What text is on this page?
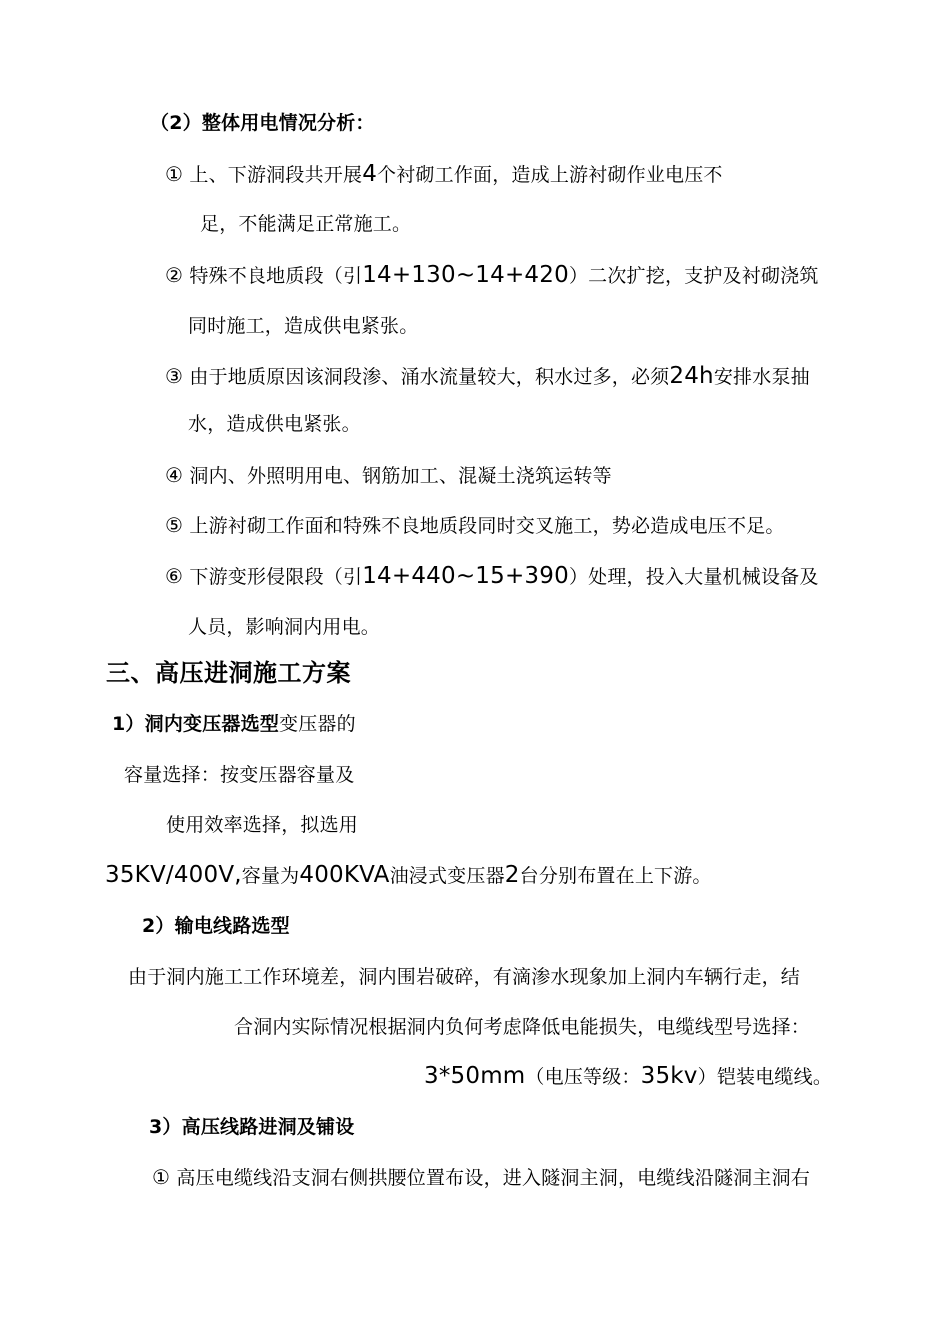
（2）整体用电情况分析：
① 上、下游洞段共开展4个衬砌工作面，造成上游衬砌作业电压不
足，不能满足正常施工。
② 特殊不良地质段（引14+130~14+420）二次扩挖，支护及衬砌浇筑
同时施工，造成供电紧张。
③ 由于地质原因该洞段渗、涌水流量较大，积水过多，必须24h安排水泵抽
水，造成供电紧张。
④ 洞内、外照明用电、钢筋加工、混凝土浇筑运转等
⑤ 上游衬砌工作面和特殊不良地质段同时交叉施工，势必造成电压不足。
⑥ 下游变形侵限段（引14+440~15+390）处理，投入大量机械设备及
人员，影响洞内用电。
三、高压进洞施工方案
1）洞内变压器选型变压器的
容量选择：按变压器容量及
使用效率选择，拟选用
35KV/400V,容量为400KVA油浸式变压器2台分别布置在上下游。
2）输电线路选型
由于洞内施工工作环境差，洞内围岩破碎，有滴渗水现象加上洞内车辆行走，结
合洞内实际情况根据洞内负何考虑降低电能损失，电缆线型号选择：
3*50mm（电压等级：35kv）铠装电缆线。
3）高压线路进洞及铺设
① 高压电缆线沿支洞右侧拱腰位置布设，进入隧洞主洞，电缆线沿隧洞主洞右
